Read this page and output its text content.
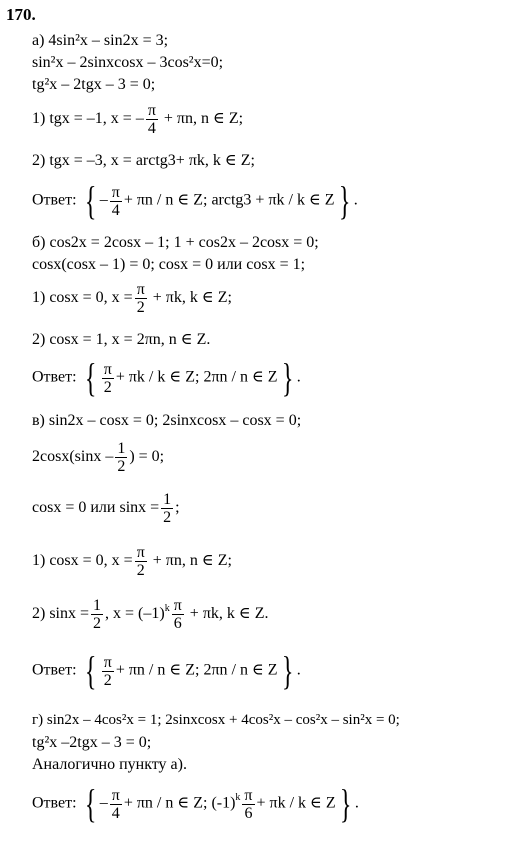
170.
а) 4sin²x – sin2x = 3;
sin²x – 2sinxcosx – 3cos²x=0;
tg²x – 2tgx – 3 = 0;
1) tgx = –1, x = – $\frac{\pi}{4} + \pi n$, n ∈ Z;
2) tgx = –3, x = arctg3+ πk, k ∈ Z;
Ответ: { – $\frac{\pi}{4} + \pi n / n$ ∈ Z; arctg3 + πk / k ∈ Z} .
б) cos2x = 2cosx – 1; 1 + cos2x – 2cosx = 0;
cosx(cosx – 1) = 0; cosx = 0 или cosx = 1;
1) cosx = 0, $x = \frac{\pi}{2} + \pi k$, k ∈ Z;
2) cosx = 1, x = 2πn, n ∈ Z.
Ответ: { $\frac{\pi}{2} + \pi k / k$ ∈ Z; 2πn / n ∈ Z} .
в) sin2x – cosx = 0; 2sinxcosx – cosx = 0;
$2\cos x(\sin x - \frac{1}{2}$ ) = 0;
cosx = 0 или $\sin x = \frac{1}{2}$ ;
1) cosx = 0, $x = \frac{\pi}{2} + \pi n$, n ∈ Z;
2) $\sin x = \frac{1}{2}$ , $x = (-1)^k \frac{\pi}{6} + \pi k$, k ∈ Z.
Ответ: { $\frac{\pi}{2} + \pi n / n$ ∈ Z; 2πn / n ∈ Z} .
г) sin2x – 4cos²x = 1; 2sinxcosx + 4cos²x – cos²x – sin²x = 0;
tg²x –2tgx – 3 = 0;
Аналогично пункту а).
Ответ: { – $\frac{\pi}{4} + \pi n / n$ ∈ Z; $(-1)^k \frac{\pi}{6} + \pi k / k$ ∈ Z} .
